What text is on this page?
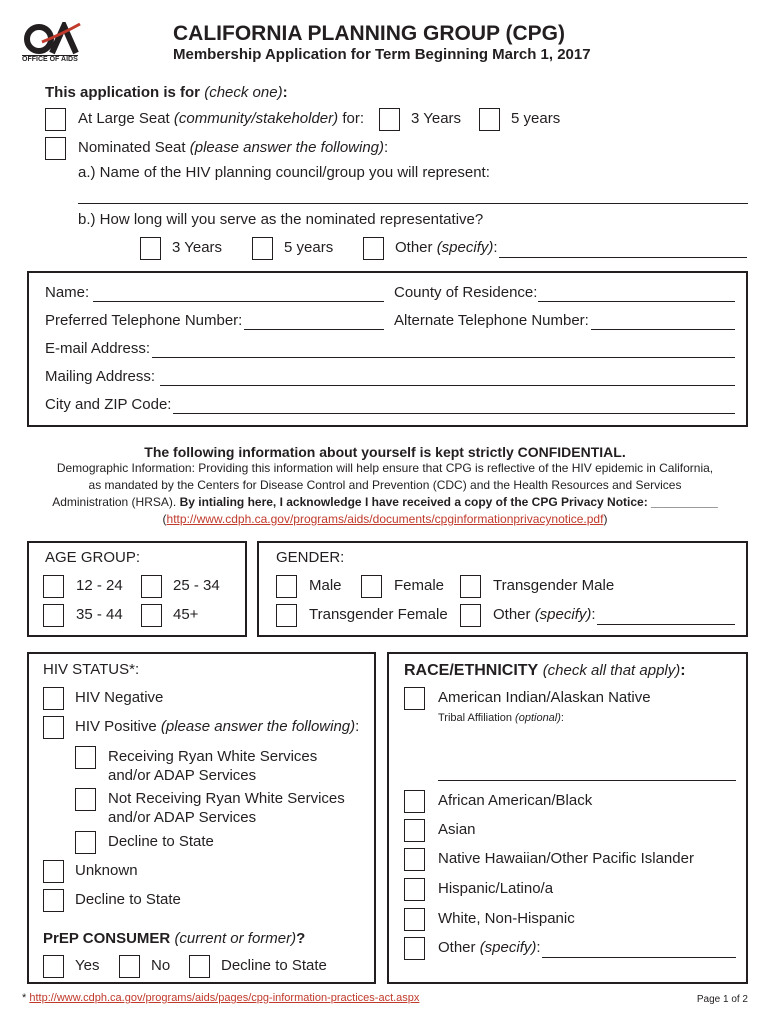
OFFICE OF AIDS
CALIFORNIA PLANNING GROUP (CPG)
Membership Application for Term Beginning March 1, 2017
This application is for (check one):
At Large Seat (community/stakeholder) for:	3 Years	5 years
Nominated Seat (please answer the following):
a.) Name of the HIV planning council/group you will represent:
b.) How long will you serve as the nominated representative?
3 Years	5 years	Other (specify):
Name:	County of Residence:
Preferred Telephone Number:	Alternate Telephone Number:
E-mail Address:
Mailing Address:
City and ZIP Code:
The following information about yourself is kept strictly CONFIDENTIAL.
Demographic Information: Providing this information will help ensure that CPG is reflective of the HIV epidemic in California,
as mandated by the Centers for Disease Control and Prevention (CDC) and the Health Resources and Services
Administration (HRSA). By intialing here, I acknowledge I have received a copy of the CPG Privacy Notice: __________
(http://www.cdph.ca.gov/programs/aids/documents/cpginformationprivacynotice.pdf)
AGE GROUP:
12 - 24	25 - 34
35 - 44	45+
GENDER:
Male	Female	Transgender Male
Transgender Female	Other (specify):
HIV STATUS*:
HIV Negative
HIV Positive (please answer the following):
Receiving Ryan White Services
and/or ADAP Services
Not Receiving Ryan White Services
and/or ADAP Services
Decline to State
Unknown
Decline to State
PrEP CONSUMER (current or former)?
Yes	No	Decline to State
RACE/ETHNICITY (check all that apply):
American Indian/Alaskan Native
Tribal Affiliation (optional):
African American/Black
Asian
Native Hawaiian/Other Pacific Islander
Hispanic/Latino/a
White, Non-Hispanic
Other (specify):
* http://www.cdph.ca.gov/programs/aids/pages/cpg-information-practices-act.aspx	Page 1 of 2
